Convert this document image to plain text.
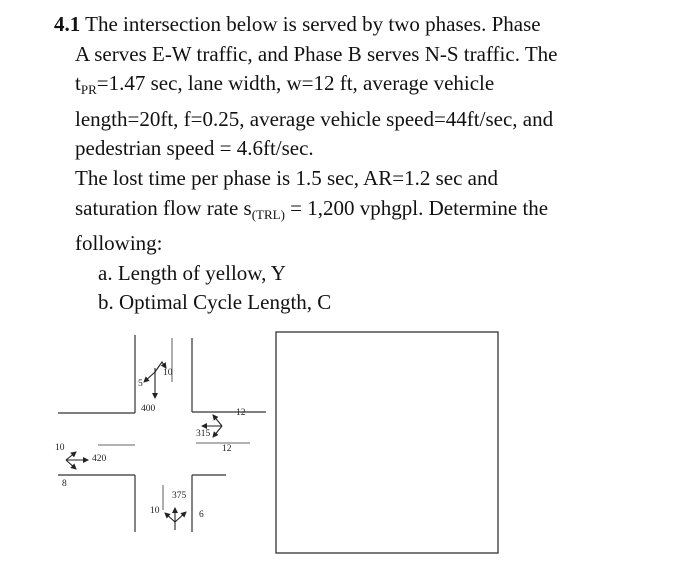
4.1 The intersection below is served by two phases. Phase
A serves E-W traffic, and Phase B serves N-S traffic. The
$t_{PR}=1.47$ sec, lane width, w=12 ft, average vehicle
length=20ft, f=0.25, average vehicle speed=44ft/sec, and
pedestrian speed = 4.6ft/sec.
The lost time per phase is 1.5 sec, AR=1.2 sec and
saturation flow rate $s_{(TRL)} = 1,200$ vphgpl. Determine the
following:
a. Length of yellow, Y
b. Optimal Cycle Length, C
5
10
400	12
315
12
10
420
8
375
10	6
